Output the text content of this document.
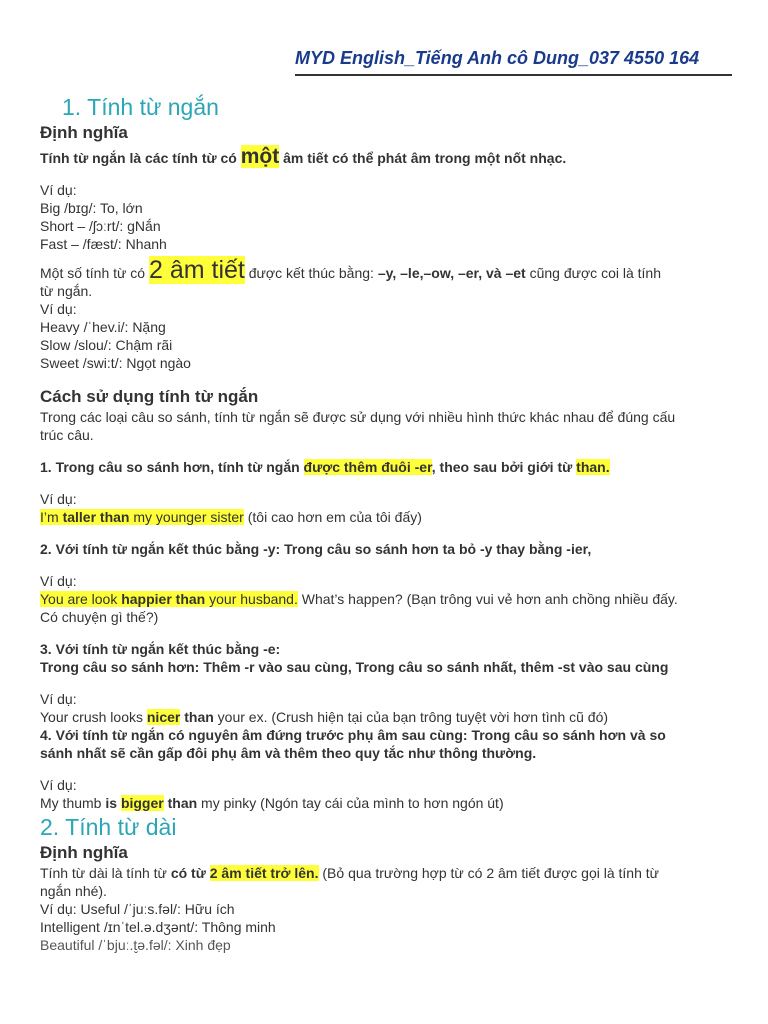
MYD English_Tiếng Anh cô Dung_037 4550 164
1. Tính từ ngắn
Định nghĩa

Tính từ ngắn là các tính từ có một âm tiết có thể phát âm trong một nốt nhạc.

Ví dụ:

Big /bɪg/: To, lớn

Short – /ʃɔːrt/: gNắn

Fast – /fæst/: Nhanh

Một số tính từ có 2 âm tiết được kết thúc bằng: –y, –le,–ow, –er, và –et cũng được coi là tính

từ ngắn.

Ví dụ:

Heavy /ˈhev.i/: Nặng

Slow /slou/: Chậm rãi

Sweet /swi:t/: Ngọt ngào

Cách sử dụng tính từ ngắn

Trong các loại câu so sánh, tính từ ngắn sẽ được sử dụng với nhiều hình thức khác nhau để đúng cấu

trúc câu.

1. Trong câu so sánh hơn, tính từ ngắn được thêm đuôi -er, theo sau bởi giới từ than.

Ví dụ:

I’m taller than my younger sister (tôi cao hơn em của tôi đấy)

2. Với tính từ ngắn kết thúc bằng -y: Trong câu so sánh hơn ta bỏ -y thay bằng -ier,

Ví dụ:

You are look happier than your husband. What’s happen? (Bạn trông vui vẻ hơn anh chồng nhiều đấy.

Có chuyện gì thế?)

3. Với tính từ ngắn kết thúc bằng -e:

Trong câu so sánh hơn: Thêm -r vào sau cùng, Trong câu so sánh nhất, thêm -st vào sau cùng

Ví dụ:

Your crush looks nicer than your ex. (Crush hiện tại của bạn trông tuyệt vời hơn tình cũ đó)

4. Với tính từ ngắn có nguyên âm đứng trước phụ âm sau cùng: Trong câu so sánh hơn và so

sánh nhất sẽ cần gấp đôi phụ âm và thêm theo quy tắc như thông thường.

Ví dụ:

My thumb is bigger than my pinky (Ngón tay cái của mình to hơn ngón út)

2. Tính từ dài
Định nghĩa

Tính từ dài là tính từ có từ 2 âm tiết trở lên. (Bỏ qua trường hợp từ có 2 âm tiết được gọi là tính từ

ngắn nhé).

Ví dụ: Useful /ˈjuːs.fəl/: Hữu ích

Intelligent /ɪnˈtel.ə.dʒənt/: Thông minh

Beautiful /ˈbjuː.t̬ə.fəl/: Xinh đẹp
